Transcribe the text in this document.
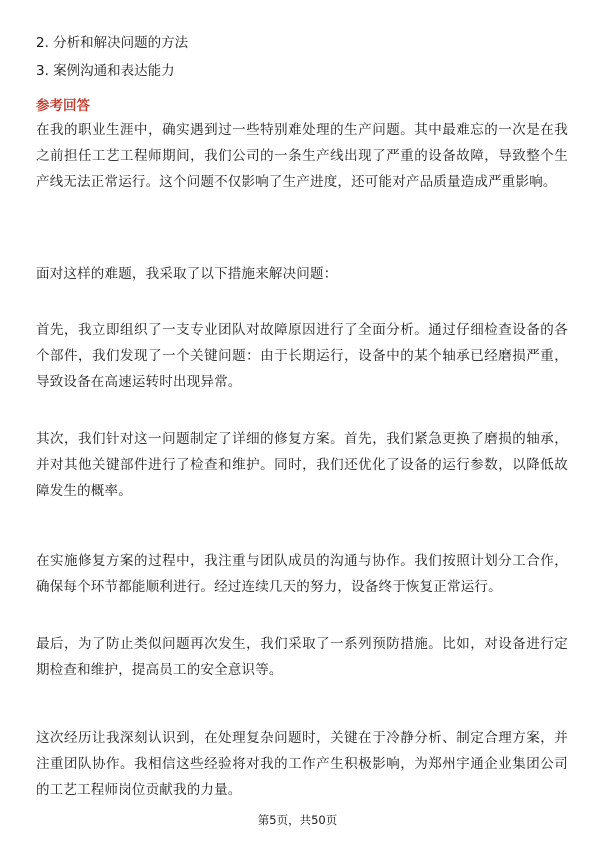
2. 分析和解决问题的方法
3. 案例沟通和表达能力
参考回答
在我的职业生涯中，确实遇到过一些特别难处理的生产问题。其中最难忘的一次是在我之前担任工艺工程师期间，我们公司的一条生产线出现了严重的设备故障，导致整个生产线无法正常运行。这个问题不仅影响了生产进度，还可能对产品质量造成严重影响。
面对这样的难题，我采取了以下措施来解决问题：
首先，我立即组织了一支专业团队对故障原因进行了全面分析。通过仔细检查设备的各个部件，我们发现了一个关键问题：由于长期运行，设备中的某个轴承已经磨损严重，导致设备在高速运转时出现异常。
其次，我们针对这一问题制定了详细的修复方案。首先，我们紧急更换了磨损的轴承，并对其他关键部件进行了检查和维护。同时，我们还优化了设备的运行参数，以降低故障发生的概率。
在实施修复方案的过程中，我注重与团队成员的沟通与协作。我们按照计划分工合作，确保每个环节都能顺利进行。经过连续几天的努力，设备终于恢复正常运行。
最后，为了防止类似问题再次发生，我们采取了一系列预防措施。比如，对设备进行定期检查和维护，提高员工的安全意识等。
这次经历让我深刻认识到，在处理复杂问题时，关键在于冷静分析、制定合理方案，并注重团队协作。我相信这些经验将对我的工作产生积极影响，为郑州宇通企业集团公司的工艺工程师岗位贡献我的力量。
第5页，共50页
